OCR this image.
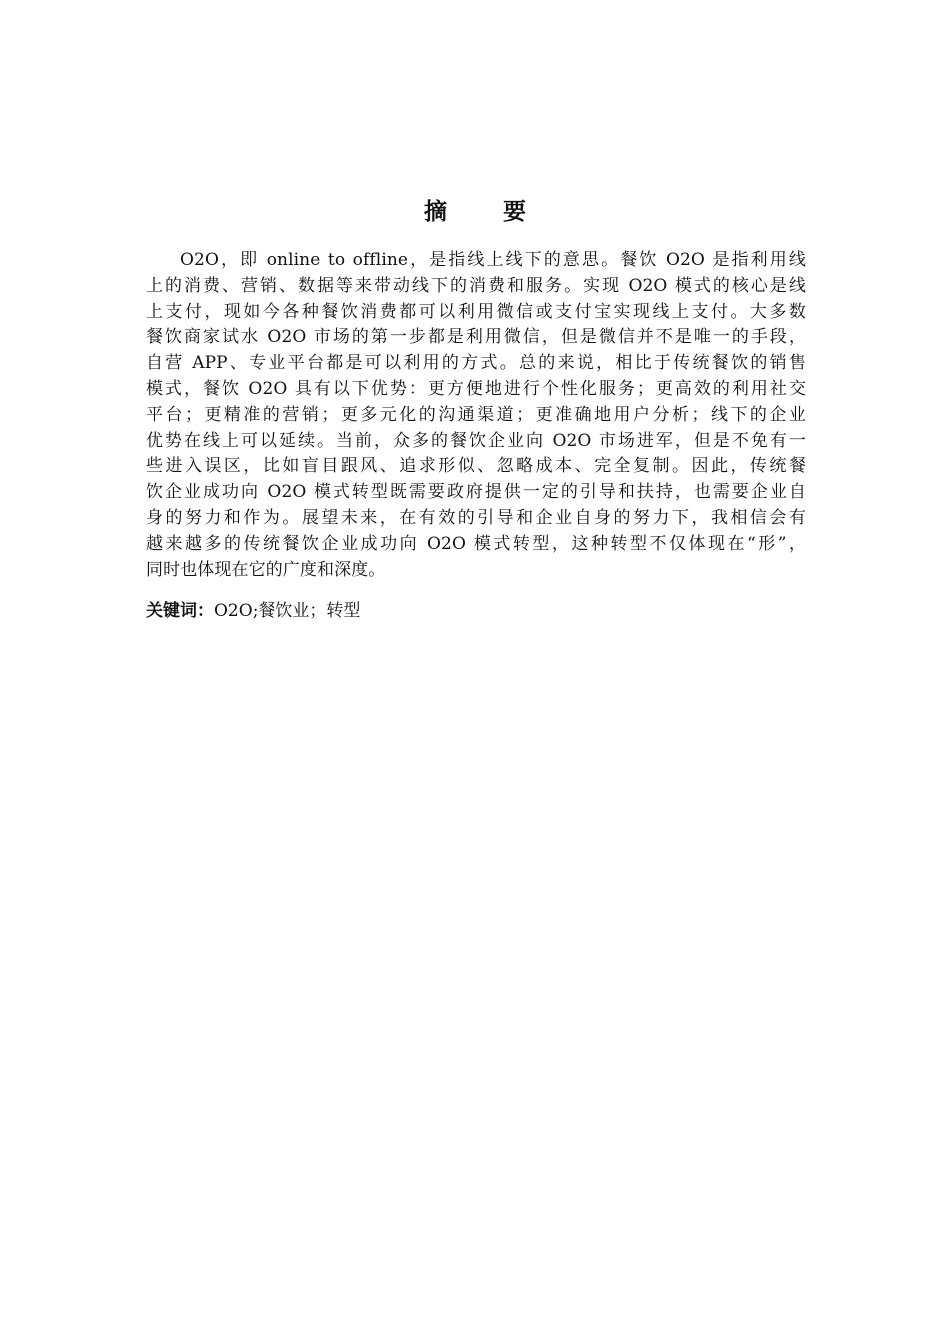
摘 要
O2O，即 online to offline，是指线上线下的意思。餐饮 O2O 是指利用线
上的消费、营销、数据等来带动线下的消费和服务。实现 O2O 模式的核心是线
上支付，现如今各种餐饮消费都可以利用微信或支付宝实现线上支付。大多数
餐饮商家试水 O2O 市场的第一步都是利用微信，但是微信并不是唯一的手段，
自营 APP、专业平台都是可以利用的方式。总的来说，相比于传统餐饮的销售
模式，餐饮 O2O 具有以下优势：更方便地进行个性化服务；更高效的利用社交
平台；更精准的营销；更多元化的沟通渠道；更准确地用户分析；线下的企业
优势在线上可以延续。当前，众多的餐饮企业向 O2O 市场进军，但是不免有一
些进入误区，比如盲目跟风、追求形似、忽略成本、完全复制。因此，传统餐
饮企业成功向 O2O 模式转型既需要政府提供一定的引导和扶持，也需要企业自
身的努力和作为。展望未来，在有效的引导和企业自身的努力下，我相信会有
越来越多的传统餐饮企业成功向 O2O 模式转型，这种转型不仅体现在“形”，
同时也体现在它的广度和深度。
关键词：O2O;餐饮业；转型
